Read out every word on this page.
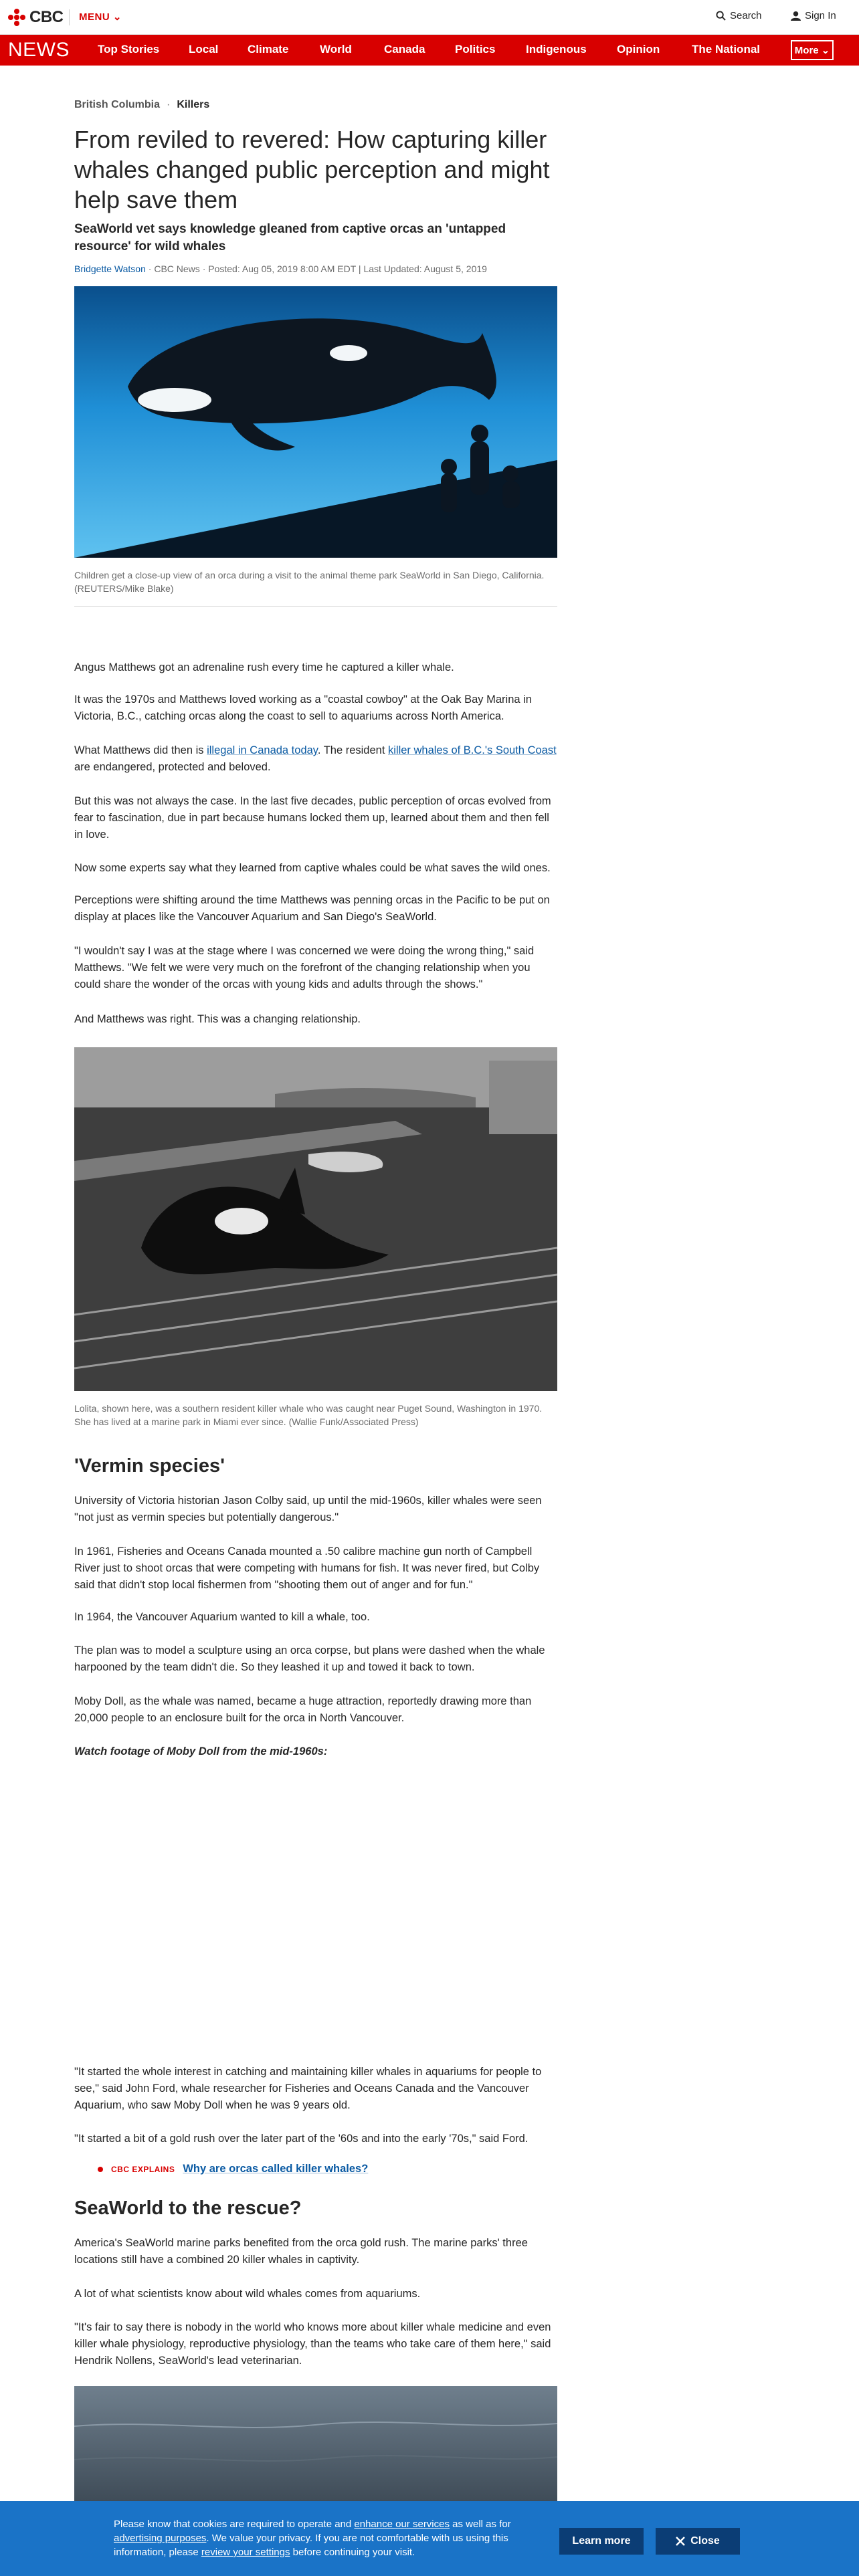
CBC MENU ⌄	Search	Sign In
NEWS Top Stories	Local	Climate	World	Canada	Politics	Indigenous	Opinion	The National	More ⌄
British Columbia · Killers
From reviled to revered: How capturing killer whales changed public perception and might help save them
SeaWorld vet says knowledge gleaned from captive orcas an 'untapped resource' for wild whales
Bridgette Watson · CBC News · Posted: Aug 05, 2019 8:00 AM EDT | Last Updated: August 5, 2019
Children get a close-up view of an orca during a visit to the animal theme park SeaWorld in San Diego, California. (REUTERS/Mike Blake)

Angus Matthews got an adrenaline rush every time he captured a killer whale.

It was the 1970s and Matthews loved working as a "coastal cowboy" at the Oak Bay Marina in Victoria, B.C., catching orcas along the coast to sell to aquariums across North America.

What Matthews did then is illegal in Canada today. The resident killer whales of B.C.'s South Coast are endangered, protected and beloved.

But this was not always the case. In the last five decades, public perception of orcas evolved from fear to fascination, due in part because humans locked them up, learned about them and then fell in love.

Now some experts say what they learned from captive whales could be what saves the wild ones.

Perceptions were shifting around the time Matthews was penning orcas in the Pacific to be put on display at places like the Vancouver Aquarium and San Diego's SeaWorld.

"I wouldn't say I was at the stage where I was concerned we were doing the wrong thing," said Matthews. "We felt we were very much on the forefront of the changing relationship when you could share the wonder of the orcas with young kids and adults through the shows."

And Matthews was right. This was a changing relationship.

Lolita, shown here, was a southern resident killer whale who was caught near Puget Sound, Washington in 1970. She has lived at a marine park in Miami ever since. (Wallie Funk/Associated Press)
'Vermin species'

University of Victoria historian Jason Colby said, up until the mid-1960s, killer whales were seen "not just as vermin species but potentially dangerous."

In 1961, Fisheries and Oceans Canada mounted a .50 calibre machine gun north of Campbell River just to shoot orcas that were competing with humans for fish. It was never fired, but Colby said that didn't stop local fishermen from "shooting them out of anger and for fun."

In 1964, the Vancouver Aquarium wanted to kill a whale, too.

The plan was to model a sculpture using an orca corpse, but plans were dashed when the whale harpooned by the team didn't die. So they leashed it up and towed it back to town.

Moby Doll, as the whale was named, became a huge attraction, reportedly drawing more than 20,000 people to an enclosure built for the orca in North Vancouver.

Watch footage of Moby Doll from the mid-1960s:

"It started the whole interest in catching and maintaining killer whales in aquariums for people to see," said John Ford, whale researcher for Fisheries and Oceans Canada and the Vancouver Aquarium, who saw Moby Doll when he was 9 years old.

"It started a bit of a gold rush over the later part of the '60s and into the early '70s," said Ford.

CBC EXPLAINS Why are orcas called killer whales?
SeaWorld to the rescue?

America's SeaWorld marine parks benefited from the orca gold rush. The marine parks' three locations still have a combined 20 killer whales in captivity.

A lot of what scientists know about wild whales comes from aquariums.

"It's fair to say there is nobody in the world who knows more about killer whale medicine and even killer whale physiology, reproductive physiology, than the teams who take care of them here," said Hendrik Nollens, SeaWorld's lead veterinarian.

Please know that cookies are required to operate and enhance our services as well as for advertising purposes. We value your privacy. If you are not comfortable with us using this information, please review your settings before continuing your visit.
Learn more	Close
